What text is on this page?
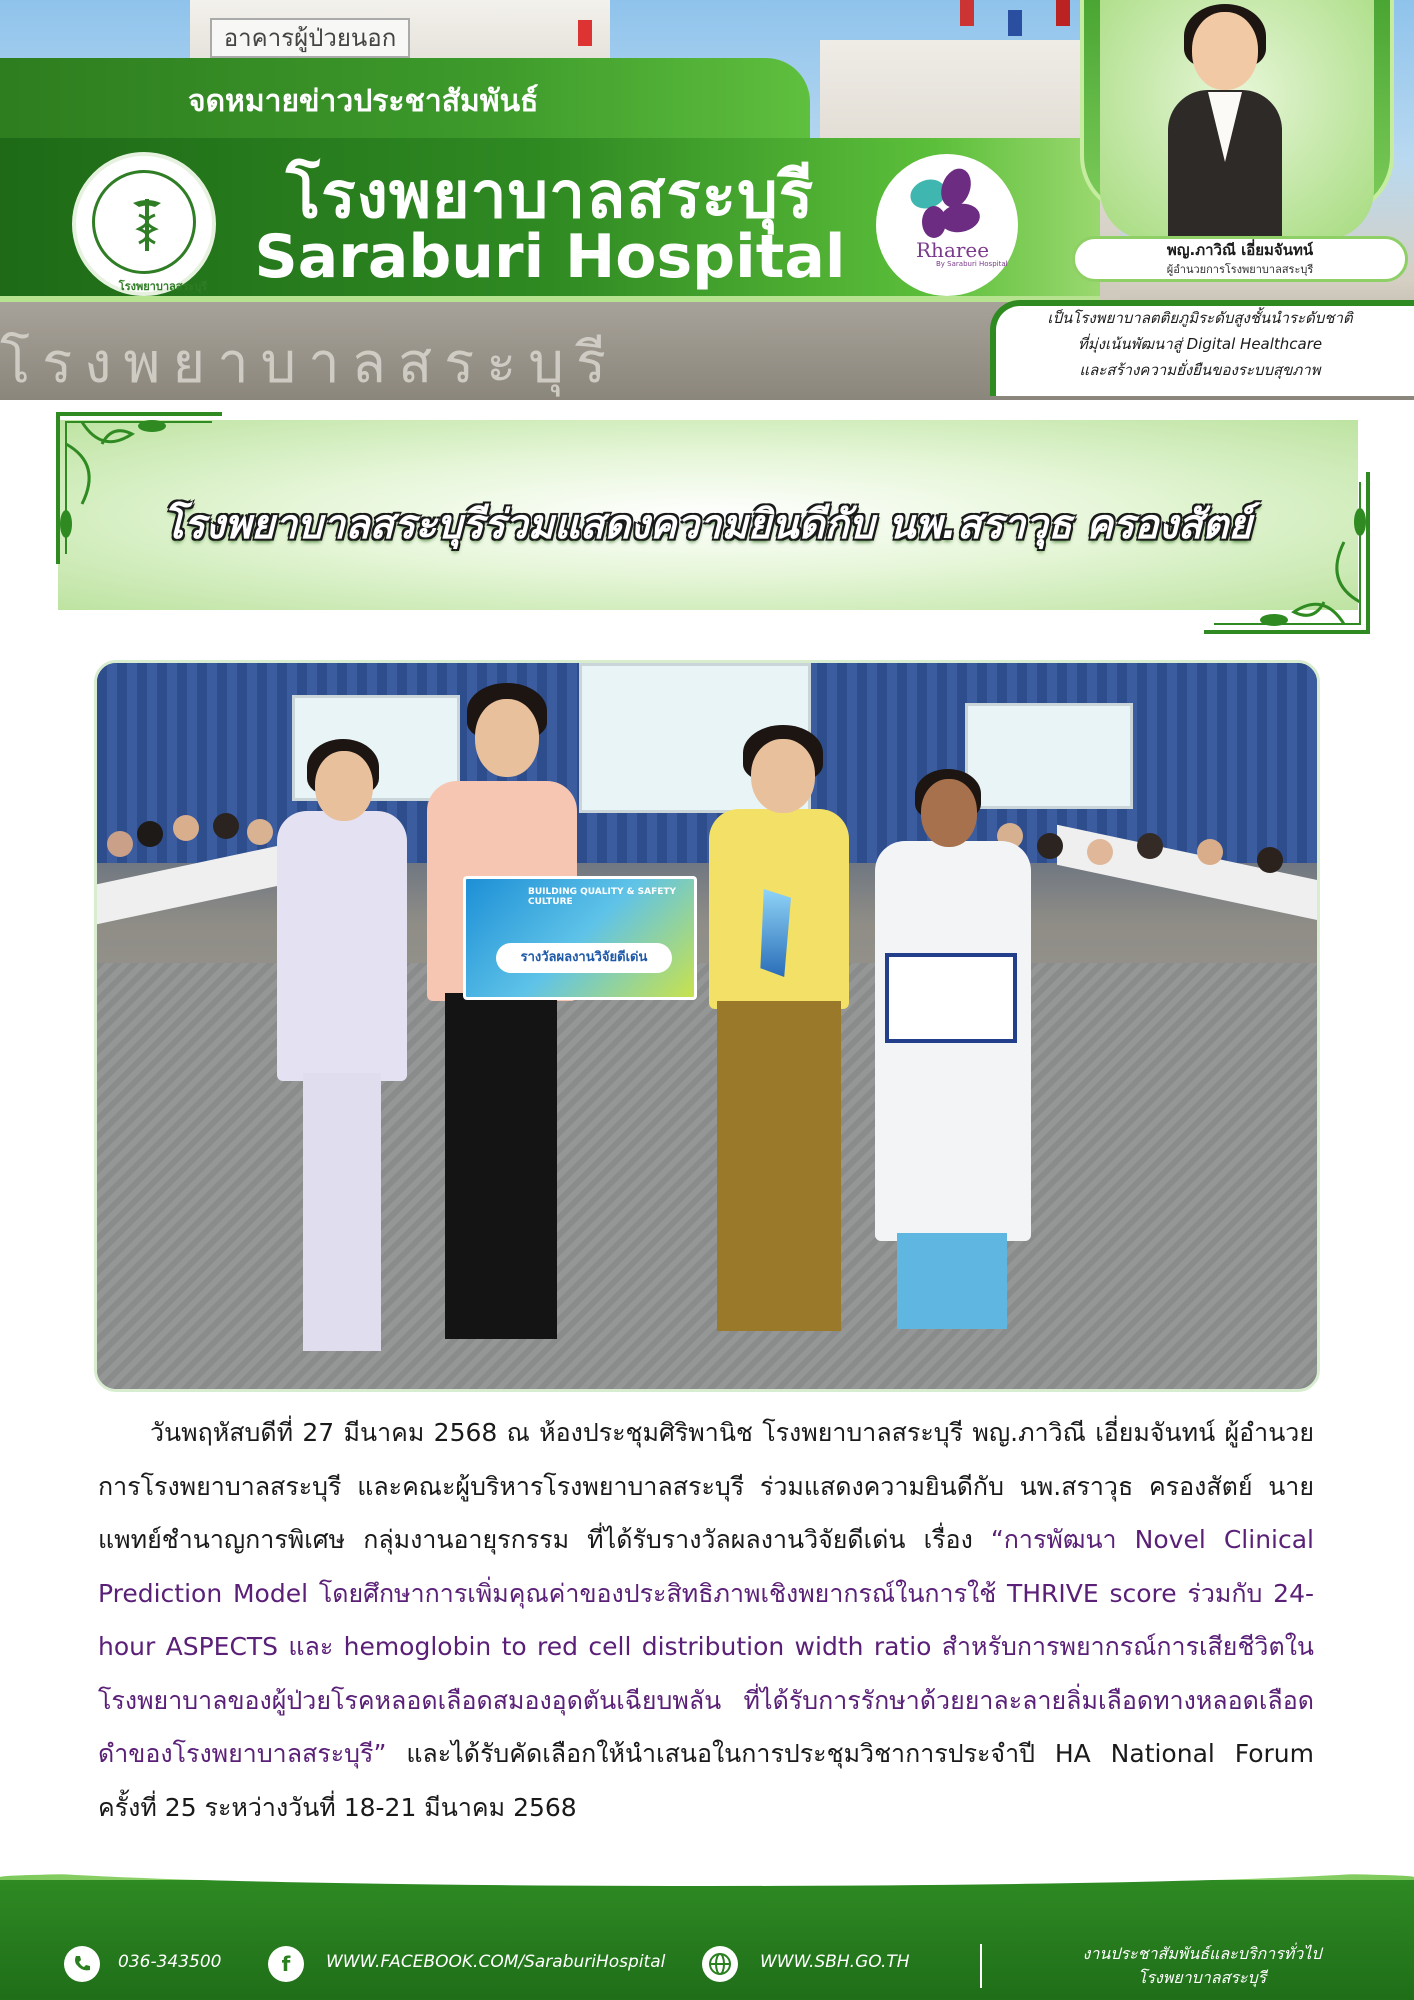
อาคารผู้ป่วยนอก
โรงพยาบาลสระบุรี
จดหมายข่าวประชาสัมพันธ์
โรงพยาบาลสระบุรี
โรงพยาบาลสระบุรี
Saraburi Hospital	Rharee
By Saraburi Hospital
พญ.ภาวิณี เอี่ยมจันทน์
ผู้อำนวยการโรงพยาบาลสระบุรี
เป็นโรงพยาบาลตติยภูมิระดับสูงชั้นนำระดับชาติ
ที่มุ่งเน้นพัฒนาสู่ Digital Healthcare
และสร้างความยั่งยืนของระบบสุขภาพ
โรงพยาบาลสระบุรีร่วมแสดงความยินดีกับ นพ.สราวุธ ครองสัตย์
BUILDING QUALITY & SAFETY CULTURE
รางวัลผลงานวิจัยดีเด่น
วันพฤหัสบดีที่ 27 มีนาคม 2568 ณ ห้องประชุมศิริพานิช โรงพยาบาลสระบุรี พญ.ภาวิณี เอี่ยมจันทน์ ผู้อำนวยการโรงพยาบาลสระบุรี และคณะผู้บริหารโรงพยาบาลสระบุรี ร่วมแสดงความยินดีกับ นพ.สราวุธ ครองสัตย์ นายแพทย์ชำนาญการพิเศษ กลุ่มงานอายุรกรรม ที่ได้รับรางวัลผลงานวิจัยดีเด่น เรื่อง “การพัฒนา Novel Clinical Prediction Model โดยศึกษาการเพิ่มคุณค่าของประสิทธิภาพเชิงพยากรณ์ในการใช้ THRIVE score ร่วมกับ 24-hour ASPECTS และ hemoglobin to red cell distribution width ratio สำหรับการพยากรณ์การเสียชีวิตในโรงพยาบาลของผู้ป่วยโรคหลอดเลือดสมองอุดตันเฉียบพลัน ที่ได้รับการรักษาด้วยยาละลายลิ่มเลือดทางหลอดเลือดดำของโรงพยาบาลสระบุรี” และได้รับคัดเลือกให้นำเสนอในการประชุมวิชาการประจำปี HA National Forum ครั้งที่ 25 ระหว่างวันที่ 18-21 มีนาคม 2568
036-343500	f	WWW.FACEBOOK.COM/SaraburiHospital	WWW.SBH.GO.TH	งานประชาสัมพันธ์และบริการทั่วไป
โรงพยาบาลสระบุรี
